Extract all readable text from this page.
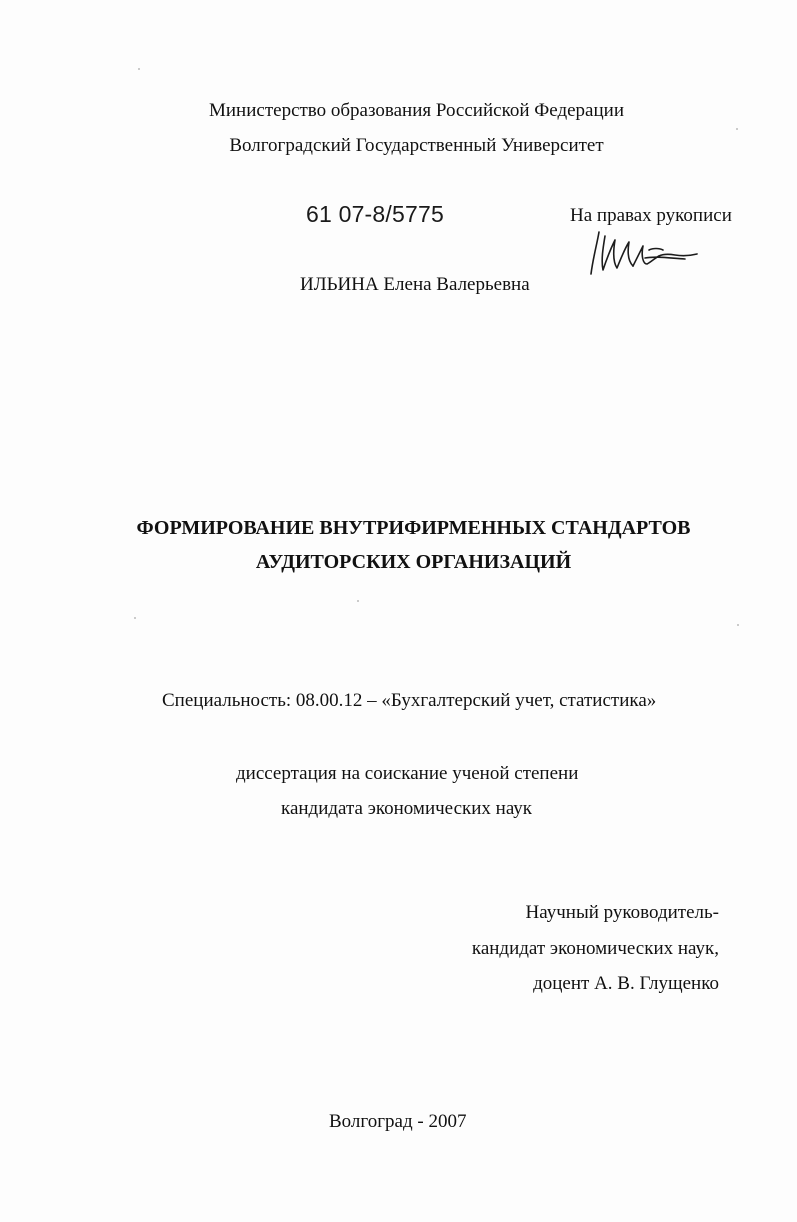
Министерство образования Российской Федерации
Волгоградский Государственный Университет
61 07-8/5775	На правах рукописи
ИЛЬИНА Елена Валерьевна
ФОРМИРОВАНИЕ ВНУТРИФИРМЕННЫХ СТАНДАРТОВ
АУДИТОРСКИХ ОРГАНИЗАЦИЙ
Специальность: 08.00.12 – «Бухгалтерский учет, статистика»
диссертация на соискание ученой степени
кандидата экономических наук
Научный руководитель-
кандидат экономических наук,
доцент А. В. Глущенко
Волгоград - 2007
